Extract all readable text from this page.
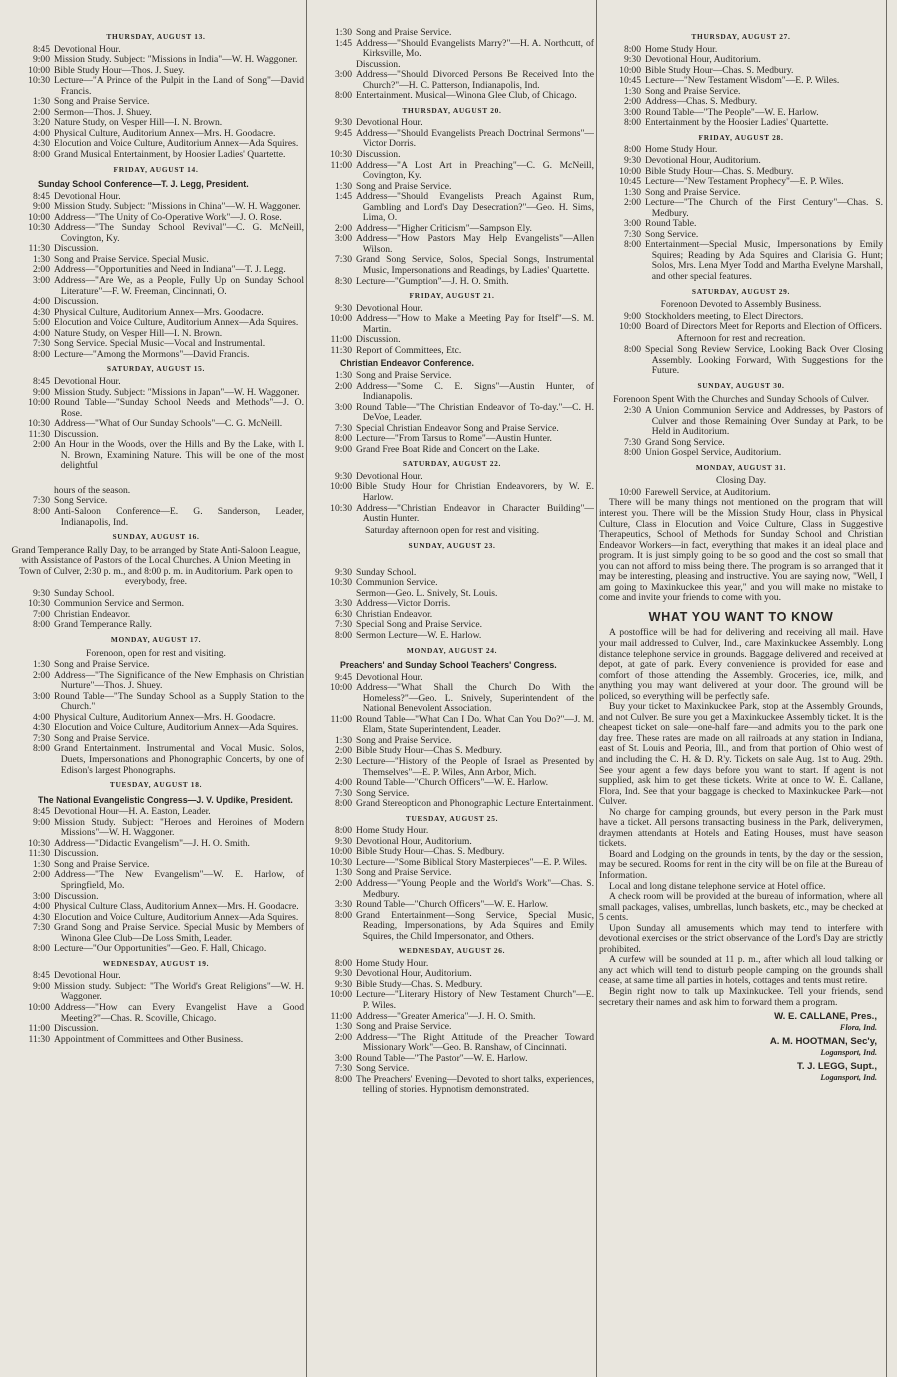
THURSDAY, AUGUST 13.
8:45 Devotional Hour.
9:00 Mission Study. Subject: "Missions in India"—W. H. Waggoner.
10:00 Bible Study Hour—Thos. J. Suey.
10:30 Lecture—"A Prince of the Pulpit in the Land of Song"—David Francis.
1:30 Song and Praise Service.
2:00 Sermon—Thos. J. Shuey.
3:20 Nature Study, on Vesper Hill—I. N. Brown.
4:00 Physical Culture, Auditorium Annex—Mrs. H. Goodacre.
4:30 Elocution and Voice Culture, Auditorium Annex—Ada Squires.
8:00 Grand Musical Entertainment, by Hoosier Ladies' Quartette.
FRIDAY, AUGUST 14.
Sunday School Conference—T. J. Legg, President.
8:45 Devotional Hour.
9:00 Mission Study. Subject: "Missions in China"—W. H. Waggoner.
10:00 Address—"The Unity of Co-Operative Work"—J. O. Rose.
10:30 Address—"The Sunday School Revival"—C. G. McNeill, Covington, Ky.
11:30 Discussion.
1:30 Song and Praise Service. Special Music.
2:00 Address—"Opportunities and Need in Indiana"—T. J. Legg.
3:00 Address—"Are We, as a People, Fully Up on Sunday School Literature"—F. W. Freeman, Cincinnati, O.
4:00 Discussion.
4:30 Physical Culture, Auditorium Annex—Mrs. Goodacre.
5:00 Elocution and Voice Culture, Auditorium Annex—Ada Squires.
4:00 Nature Study, on Vesper Hill—I. N. Brown.
7:30 Song Service. Special Music—Vocal and Instrumental.
8:00 Lecture—"Among the Mormons"—David Francis.
SATURDAY, AUGUST 15.
8:45 Devotional Hour.
9:00 Mission Study. Subject: "Missions in Japan"—W. H. Waggoner.
10:00 Round Table—"Sunday School Needs and Methods"—J. O. Rose.
10:30 Address—"What of Our Sunday Schools"—C. G. McNeill.
11:30 Discussion.
2:00 An Hour in the Woods, over the Hills and By the Lake, with I. N. Brown, Examining Nature. This will be one of the most delightful
hours of the season.
7:30 Song Service.
8:00 Anti-Saloon Conference—E. G. Sanderson, Leader, Indianapolis, Ind.
SUNDAY, AUGUST 16.
Grand Temperance Rally Day, to be arranged by State Anti-Saloon League, with Assistance of Pastors of the Local Churches. A Union Meeting in Town of Culver, 2:30 p. m., and 8:00 p. m. in Auditorium. Park open to everybody, free.
9:30 Sunday School.
10:30 Communion Service and Sermon.
7:00 Christian Endeavor.
8:00 Grand Temperance Rally.
MONDAY, AUGUST 17.
Forenoon, open for rest and visiting.
1:30 Song and Praise Service.
2:00 Address—"The Significance of the New Emphasis on Christian Nurture"—Thos. J. Shuey.
3:00 Round Table—"The Sunday School as a Supply Station to the Church."
4:00 Physical Culture, Auditorium Annex—Mrs. H. Goodacre.
4:30 Elocution and Voice Culture, Auditorium Annex—Ada Squires.
7:30 Song and Praise Service.
8:00 Grand Entertainment. Instrumental and Vocal Music. Solos, Duets, Impersonations and Phonographic Concerts, by one of Edison's largest Phonographs.
TUESDAY, AUGUST 18.
The National Evangelistic Congress—J. V. Updike, President.
8:45 Devotional Hour—H. A. Easton, Leader.
9:00 Mission Study. Subject: "Heroes and Heroines of Modern Missions"—W. H. Waggoner.
10:30 Address—"Didactic Evangelism"—J. H. O. Smith.
11:30 Discussion.
1:30 Song and Praise Service.
2:00 Address—"The New Evangelism"—W. E. Harlow, of Springfield, Mo.
3:00 Discussion.
4:00 Physical Culture Class, Auditorium Annex—Mrs. H. Goodacre.
4:30 Elocution and Voice Culture, Auditorium Annex—Ada Squires.
7:30 Grand Song and Praise Service. Special Music by Members of Winona Glee Club—De Loss Smith, Leader.
8:00 Lecture—"Our Opportunities"—Geo. F. Hall, Chicago.
WEDNESDAY, AUGUST 19.
8:45 Devotional Hour.
9:00 Mission study. Subject: "The World's Great Religions"—W. H. Waggoner.
10:00 Address—"How can Every Evangelist Have a Good Meeting?"—Chas. R. Scoville, Chicago.
11:00 Discussion.
11:30 Appointment of Committees and Other Business.
1:30 Song and Praise Service.
1:45 Address—"Should Evangelists Marry?"—H. A. Northcutt, of Kirksville, Mo.
Discussion.
3:00 Address—"Should Divorced Persons Be Received Into the Church?"—H. C. Patterson, Indianapolis, Ind.
8:00 Entertainment. Musical—Winona Glee Club, of Chicago.
THURSDAY, AUGUST 20.
9:30 Devotional Hour.
9:45 Address—"Should Evangelists Preach Doctrinal Sermons"—Victor Dorris.
10:30 Discussion.
11:00 Address—"A Lost Art in Preaching"—C. G. McNeill, Covington, Ky.
1:30 Song and Praise Service.
1:45 Address—"Should Evangelists Preach Against Rum, Gambling and Lord's Day Desecration?"—Geo. H. Sims, Lima, O.
2:00 Address—"Higher Criticism"—Sampson Ely.
3:00 Address—"How Pastors May Help Evangelists"—Allen Wilson.
7:30 Grand Song Service, Solos, Special Songs, Instrumental Music, Impersonations and Readings, by Ladies' Quartette.
8:30 Lecture—"Gumption"—J. H. O. Smith.
FRIDAY, AUGUST 21.
9:30 Devotional Hour.
10:00 Address—"How to Make a Meeting Pay for Itself"—S. M. Martin.
11:00 Discussion.
11:30 Report of Committees, Etc.
Christian Endeavor Conference.
1:30 Song and Praise Service.
2:00 Address—"Some C. E. Signs"—Austin Hunter, of Indianapolis.
3:00 Round Table—"The Christian Endeavor of To-day."—C. H. DeVoe, Leader.
7:30 Special Christian Endeavor Song and Praise Service.
8:00 Lecture—"From Tarsus to Rome"—Austin Hunter.
9:00 Grand Free Boat Ride and Concert on the Lake.
SATURDAY, AUGUST 22.
9:30 Devotional Hour.
10:00 Bible Study Hour for Christian Endeavorers, by W. E. Harlow.
10:30 Address—"Christian Endeavor in Character Building"—Austin Hunter.
Saturday afternoon open for rest and visiting.
SUNDAY, AUGUST 23.
9:30 Sunday School.
10:30 Communion Service.
Sermon—Geo. L. Snively, St. Louis.
3:30 Address—Victor Dorris.
6:30 Christian Endeavor.
7:30 Special Song and Praise Service.
8:00 Sermon Lecture—W. E. Harlow.
MONDAY, AUGUST 24.
Preachers' and Sunday School Teachers' Congress.
9:45 Devotional Hour.
10:00 Address—"What Shall the Church Do With the Homeless?"—Geo. L. Snively, Superintendent of the National Benevolent Association.
11:00 Round Table—"What Can I Do. What Can You Do?"—J. M. Elam, State Superintendent, Leader.
1:30 Song and Praise Service.
2:00 Bible Study Hour—Chas S. Medbury.
2:30 Lecture—"History of the People of Israel as Presented by Themselves"—E. P. Wiles, Ann Arbor, Mich.
4:00 Round Table—"Church Officers"—W. E. Harlow.
7:30 Song Service.
8:00 Grand Stereopticon and Phonographic Lecture Entertainment.
TUESDAY, AUGUST 25.
8:00 Home Study Hour.
9:30 Devotional Hour, Auditorium.
10:00 Bible Study Hour—Chas. S. Medbury.
10:30 Lecture—"Some Biblical Story Masterpieces"—E. P. Wiles.
1:30 Song and Praise Service.
2:00 Address—"Young People and the World's Work"—Chas. S. Medbury.
3:30 Round Table—"Church Officers"—W. E. Harlow.
8:00 Grand Entertainment—Song Service, Special Music, Reading, Impersonations, by Ada Squires and Emily Squires, the Child Impersonator, and Others.
WEDNESDAY, AUGUST 26.
8:00 Home Study Hour.
9:30 Devotional Hour, Auditorium.
9:30 Bible Study—Chas. S. Medbury.
10:00 Lecture—"Literary History of New Testament Church"—E. P. Wiles.
11:00 Address—"Greater America"—J. H. O. Smith.
1:30 Song and Praise Service.
2:00 Address—"The Right Attitude of the Preacher Toward Missionary Work"—Geo. B. Ranshaw, of Cincinnati.
3:00 Round Table—"The Pastor"—W. E. Harlow.
7:30 Song Service.
8:00 The Preachers' Evening—Devoted to short talks, experiences, telling of stories. Hypnotism demonstrated.
THURSDAY, AUGUST 27.
8:00 Home Study Hour.
9:30 Devotional Hour, Auditorium.
10:00 Bible Study Hour—Chas. S. Medbury.
10:45 Lecture—"New Testament Wisdom"—E. P. Wiles.
1:30 Song and Praise Service.
2:00 Address—Chas. S. Medbury.
3:00 Round Table—"The People"—W. E. Harlow.
8:00 Entertainment by the Hoosier Ladies' Quartette.
FRIDAY, AUGUST 28.
8:00 Home Study Hour.
9:30 Devotional Hour, Auditorium.
10:00 Bible Study Hour—Chas. S. Medbury.
10:45 Lecture—"New Testament Prophecy"—E. P. Wiles.
1:30 Song and Praise Service.
2:00 Lecture—"The Church of the First Century"—Chas. S. Medbury.
3:00 Round Table.
7:30 Song Service.
8:00 Entertainment—Special Music, Impersonations by Emily Squires; Reading by Ada Squires and Clarisia G. Hunt; Solos, Mrs. Lena Myer Todd and Martha Evelyne Marshall, and other special features.
SATURDAY, AUGUST 29.
Forenoon Devoted to Assembly Business.
9:00 Stockholders meeting, to Elect Directors.
10:00 Board of Directors Meet for Reports and Election of Officers.
Afternoon for rest and recreation.
8:00 Special Song Review Service, Looking Back Over Closing Assembly. Looking Forward, With Suggestions for the Future.
SUNDAY, AUGUST 30.
Forenoon Spent With the Churches and Sunday Schools of Culver.
2:30 A Union Communion Service and Addresses, by Pastors of Culver and those Remaining Over Sunday at Park, to be Held in Auditorium.
7:30 Grand Song Service.
8:00 Union Gospel Service, Auditorium.
MONDAY, AUGUST 31.
Closing Day.
10:00 Farewell Service, at Auditorium.

There will be many things not mentioned on the program that will interest you. There will be the Mission Study Hour, class in Physical Culture, Class in Elocution and Voice Culture, Class in Suggestive Therapeutics, School of Methods for Sunday School and Christian Endeavor Workers—in fact, everything that makes it an ideal place and program. It is just simply going to be so good and the cost so small that you can not afford to miss being there. The program is so arranged that it may be interesting, pleasing and instructive. You are saying now, "Well, I am going to Maxinkuckee this year," and you will make no mistake to come and invite your friends to come with you.

WHAT YOU WANT TO KNOW

A postoffice will be had for delivering and receiving all mail. Have your mail addressed to Culver, Ind., care Maxinkuckee Assembly. Long distance telephone service in grounds. Baggage delivered and received at depot, at gate of park. Every convenience is provided for ease and comfort of those attending the Assembly. Groceries, ice, milk, and anything you may want delivered at your door. The ground will be policed, so everything will be perfectly safe.

Buy your ticket to Maxinkuckee Park, stop at the Assembly Grounds, and not Culver. Be sure you get a Maxinkuckee Assembly ticket. It is the cheapest ticket on sale—one-half fare—and admits you to the park one day free. These rates are made on all railroads at any station in Indiana, east of St. Louis and Peoria, Ill., and from that portion of Ohio west of and including the C. H. & D. R'y. Tickets on sale Aug. 1st to Aug. 29th. See your agent a few days before you want to start. If agent is not supplied, ask him to get these tickets. Write at once to W. E. Callane, Flora, Ind. See that your baggage is checked to Maxinkuckee Park—not Culver.

No charge for camping grounds, but every person in the Park must have a ticket. All persons transacting business in the Park, deliverymen, draymen attendants at Hotels and Eating Houses, must have season tickets.

Board and Lodging on the grounds in tents, by the day or the session, may be secured. Rooms for rent in the city will be on file at the Bureau of Information.

Local and long distane telephone service at Hotel office.

A check room will be provided at the bureau of information, where all small packages, valises, umbrellas, lunch baskets, etc., may be checked at 5 cents.

Upon Sunday all amusements which may tend to interfere with devotional exercises or the strict observance of the Lord's Day are strictly prohibited.

A curfew will be sounded at 11 p. m., after which all loud talking or any act which will tend to disturb people camping on the grounds shall cease, at same time all parties in hotels, cottages and tents must retire.

Begin right now to talk up Maxinkuckee. Tell your friends, send secretary their names and ask him to forward them a program.

W. E. CALLANE, Pres.,
Flora, Ind.
A. M. HOOTMAN, Sec'y,
Logansport, Ind.
T. J. LEGG, Supt.,
Logansport, Ind.
